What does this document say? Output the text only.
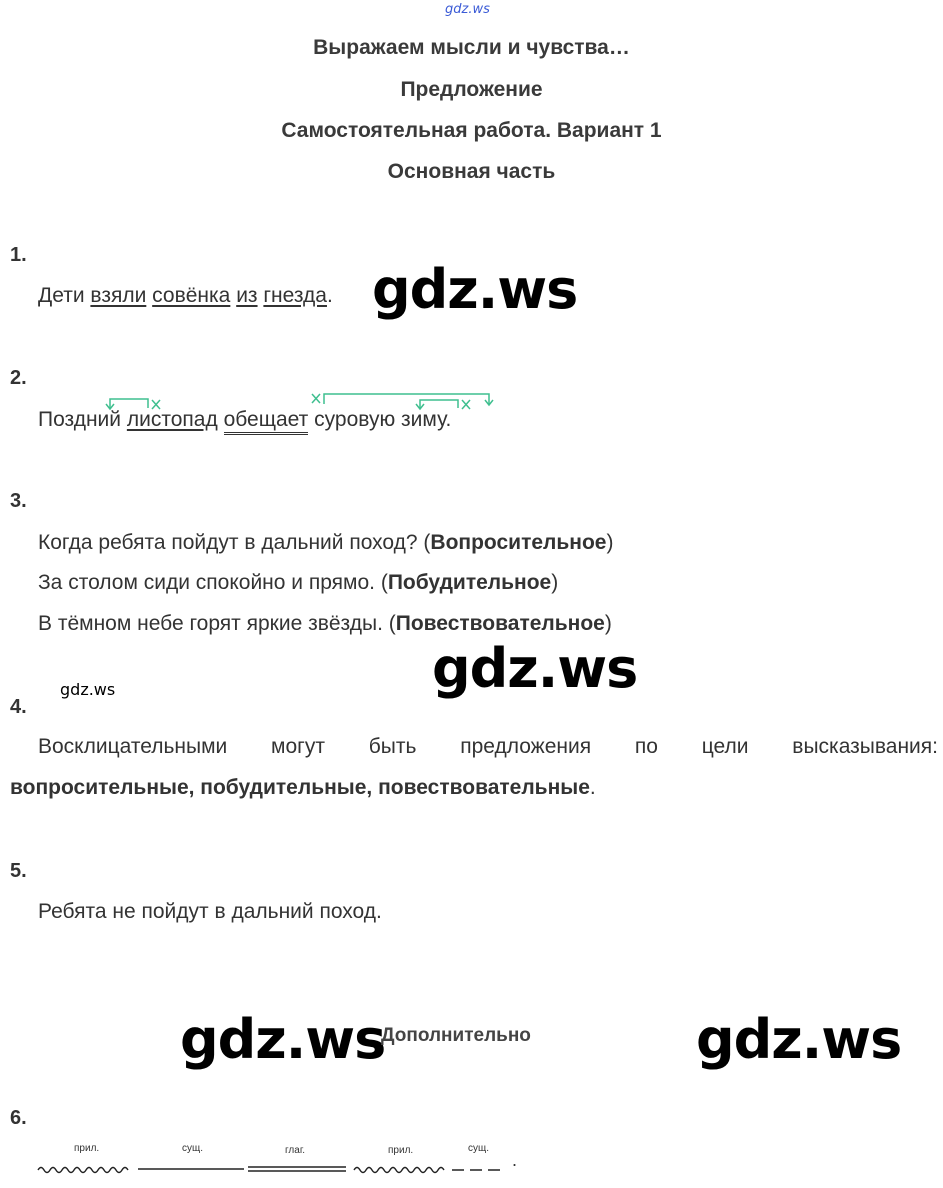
gdz.ws
Выражаем мысли и чувства…
Предложение
Самостоятельная работа. Вариант 1
Основная часть
1.
Дети взяли совёнка из гнезда. gdz.ws
2.
Поздний листопад обещает суровую зиму.
3.
Когда ребята пойдут в дальний поход? (Вопросительное)
За столом сиди спокойно и прямо. (Побудительное)
В тёмном небе горят яркие звёзды. (Повествовательное)
gdz.ws
gdz.ws
4.
Восклицательными могут быть предложения по цели высказывания:
вопросительные, побудительные, повествовательные.
5.
Ребята не пойдут в дальний поход.
gdz.ws
Дополнительно	gdz.ws
6.
прил.	сущ.	глаг.	прил.	сущ.
.
